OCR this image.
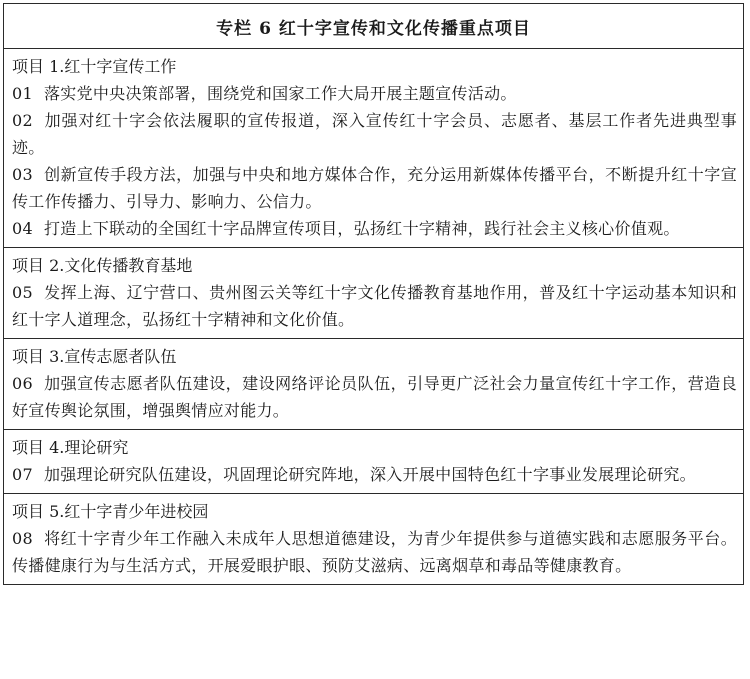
专栏 6 红十字宣传和文化传播重点项目
项目 1.红十字宣传工作
01 落实党中央决策部署，围绕党和国家工作大局开展主题宣传活动。
02 加强对红十字会依法履职的宣传报道，深入宣传红十字会员、志愿者、基层工作者先进典型事迹。
03 创新宣传手段方法，加强与中央和地方媒体合作，充分运用新媒体传播平台，不断提升红十字宣传工作传播力、引导力、影响力、公信力。
04 打造上下联动的全国红十字品牌宣传项目，弘扬红十字精神，践行社会主义核心价值观。
项目 2.文化传播教育基地
05 发挥上海、辽宁营口、贵州图云关等红十字文化传播教育基地作用，普及红十字运动基本知识和红十字人道理念，弘扬红十字精神和文化价值。
项目 3.宣传志愿者队伍
06 加强宣传志愿者队伍建设，建设网络评论员队伍，引导更广泛社会力量宣传红十字工作，营造良好宣传舆论氛围，增强舆情应对能力。
项目 4.理论研究
07 加强理论研究队伍建设，巩固理论研究阵地，深入开展中国特色红十字事业发展理论研究。
项目 5.红十字青少年进校园
08 将红十字青少年工作融入未成年人思想道德建设，为青少年提供参与道德实践和志愿服务平台。传播健康行为与生活方式，开展爱眼护眼、预防艾滋病、远离烟草和毒品等健康教育。
